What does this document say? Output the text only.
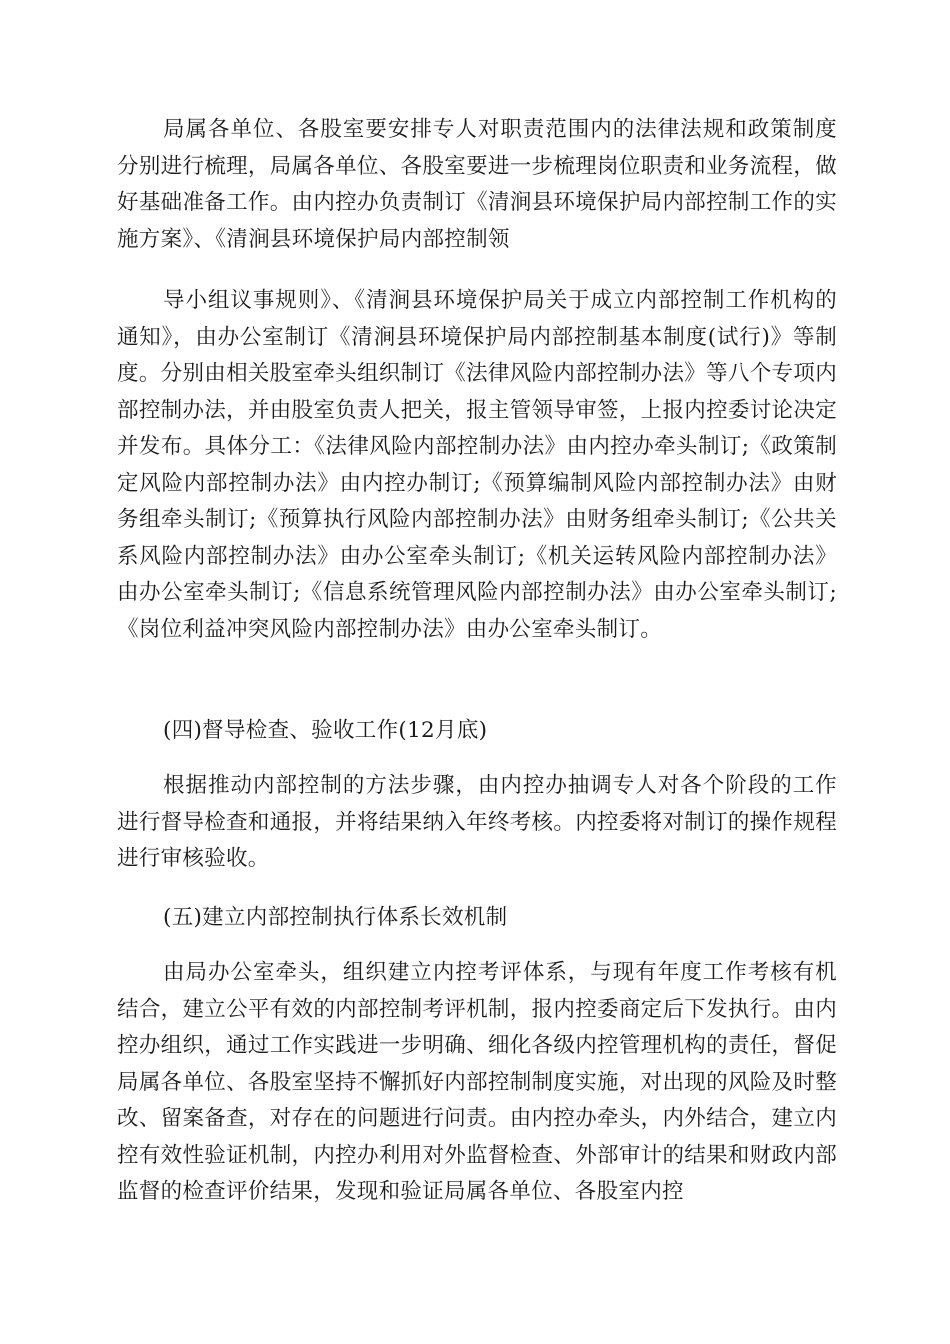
局属各单位、各股室要安排专人对职责范围内的法律法规和政策制度分别进行梳理，局属各单位、各股室要进一步梳理岗位职责和业务流程，做好基础准备工作。由内控办负责制订《清涧县环境保护局内部控制工作的实施方案》、《清涧县环境保护局内部控制领

导小组议事规则》、《清涧县环境保护局关于成立内部控制工作机构的通知》，由办公室制订《清涧县环境保护局内部控制基本制度(试行)》等制度。分别由相关股室牵头组织制订《法律风险内部控制办法》等八个专项内部控制办法，并由股室负责人把关，报主管领导审签，上报内控委讨论决定并发布。具体分工：《法律风险内部控制办法》由内控办牵头制订;《政策制定风险内部控制办法》由内控办制订;《预算编制风险内部控制办法》由财务组牵头制订;《预算执行风险内部控制办法》由财务组牵头制订;《公共关系风险内部控制办法》由办公室牵头制订;《机关运转风险内部控制办法》由办公室牵头制订;《信息系统管理风险内部控制办法》由办公室牵头制订;《岗位利益冲突风险内部控制办法》由办公室牵头制订。

(四)督导检查、验收工作(12月底)

根据推动内部控制的方法步骤，由内控办抽调专人对各个阶段的工作进行督导检查和通报，并将结果纳入年终考核。内控委将对制订的操作规程进行审核验收。

(五)建立内部控制执行体系长效机制

由局办公室牵头，组织建立内控考评体系，与现有年度工作考核有机结合，建立公平有效的内部控制考评机制，报内控委商定后下发执行。由内控办组织，通过工作实践进一步明确、细化各级内控管理机构的责任，督促局属各单位、各股室坚持不懈抓好内部控制制度实施，对出现的风险及时整改、留案备查，对存在的问题进行问责。由内控办牵头，内外结合，建立内控有效性验证机制，内控办利用对外监督检查、外部审计的结果和财政内部监督的检查评价结果，发现和验证局属各单位、各股室内控
